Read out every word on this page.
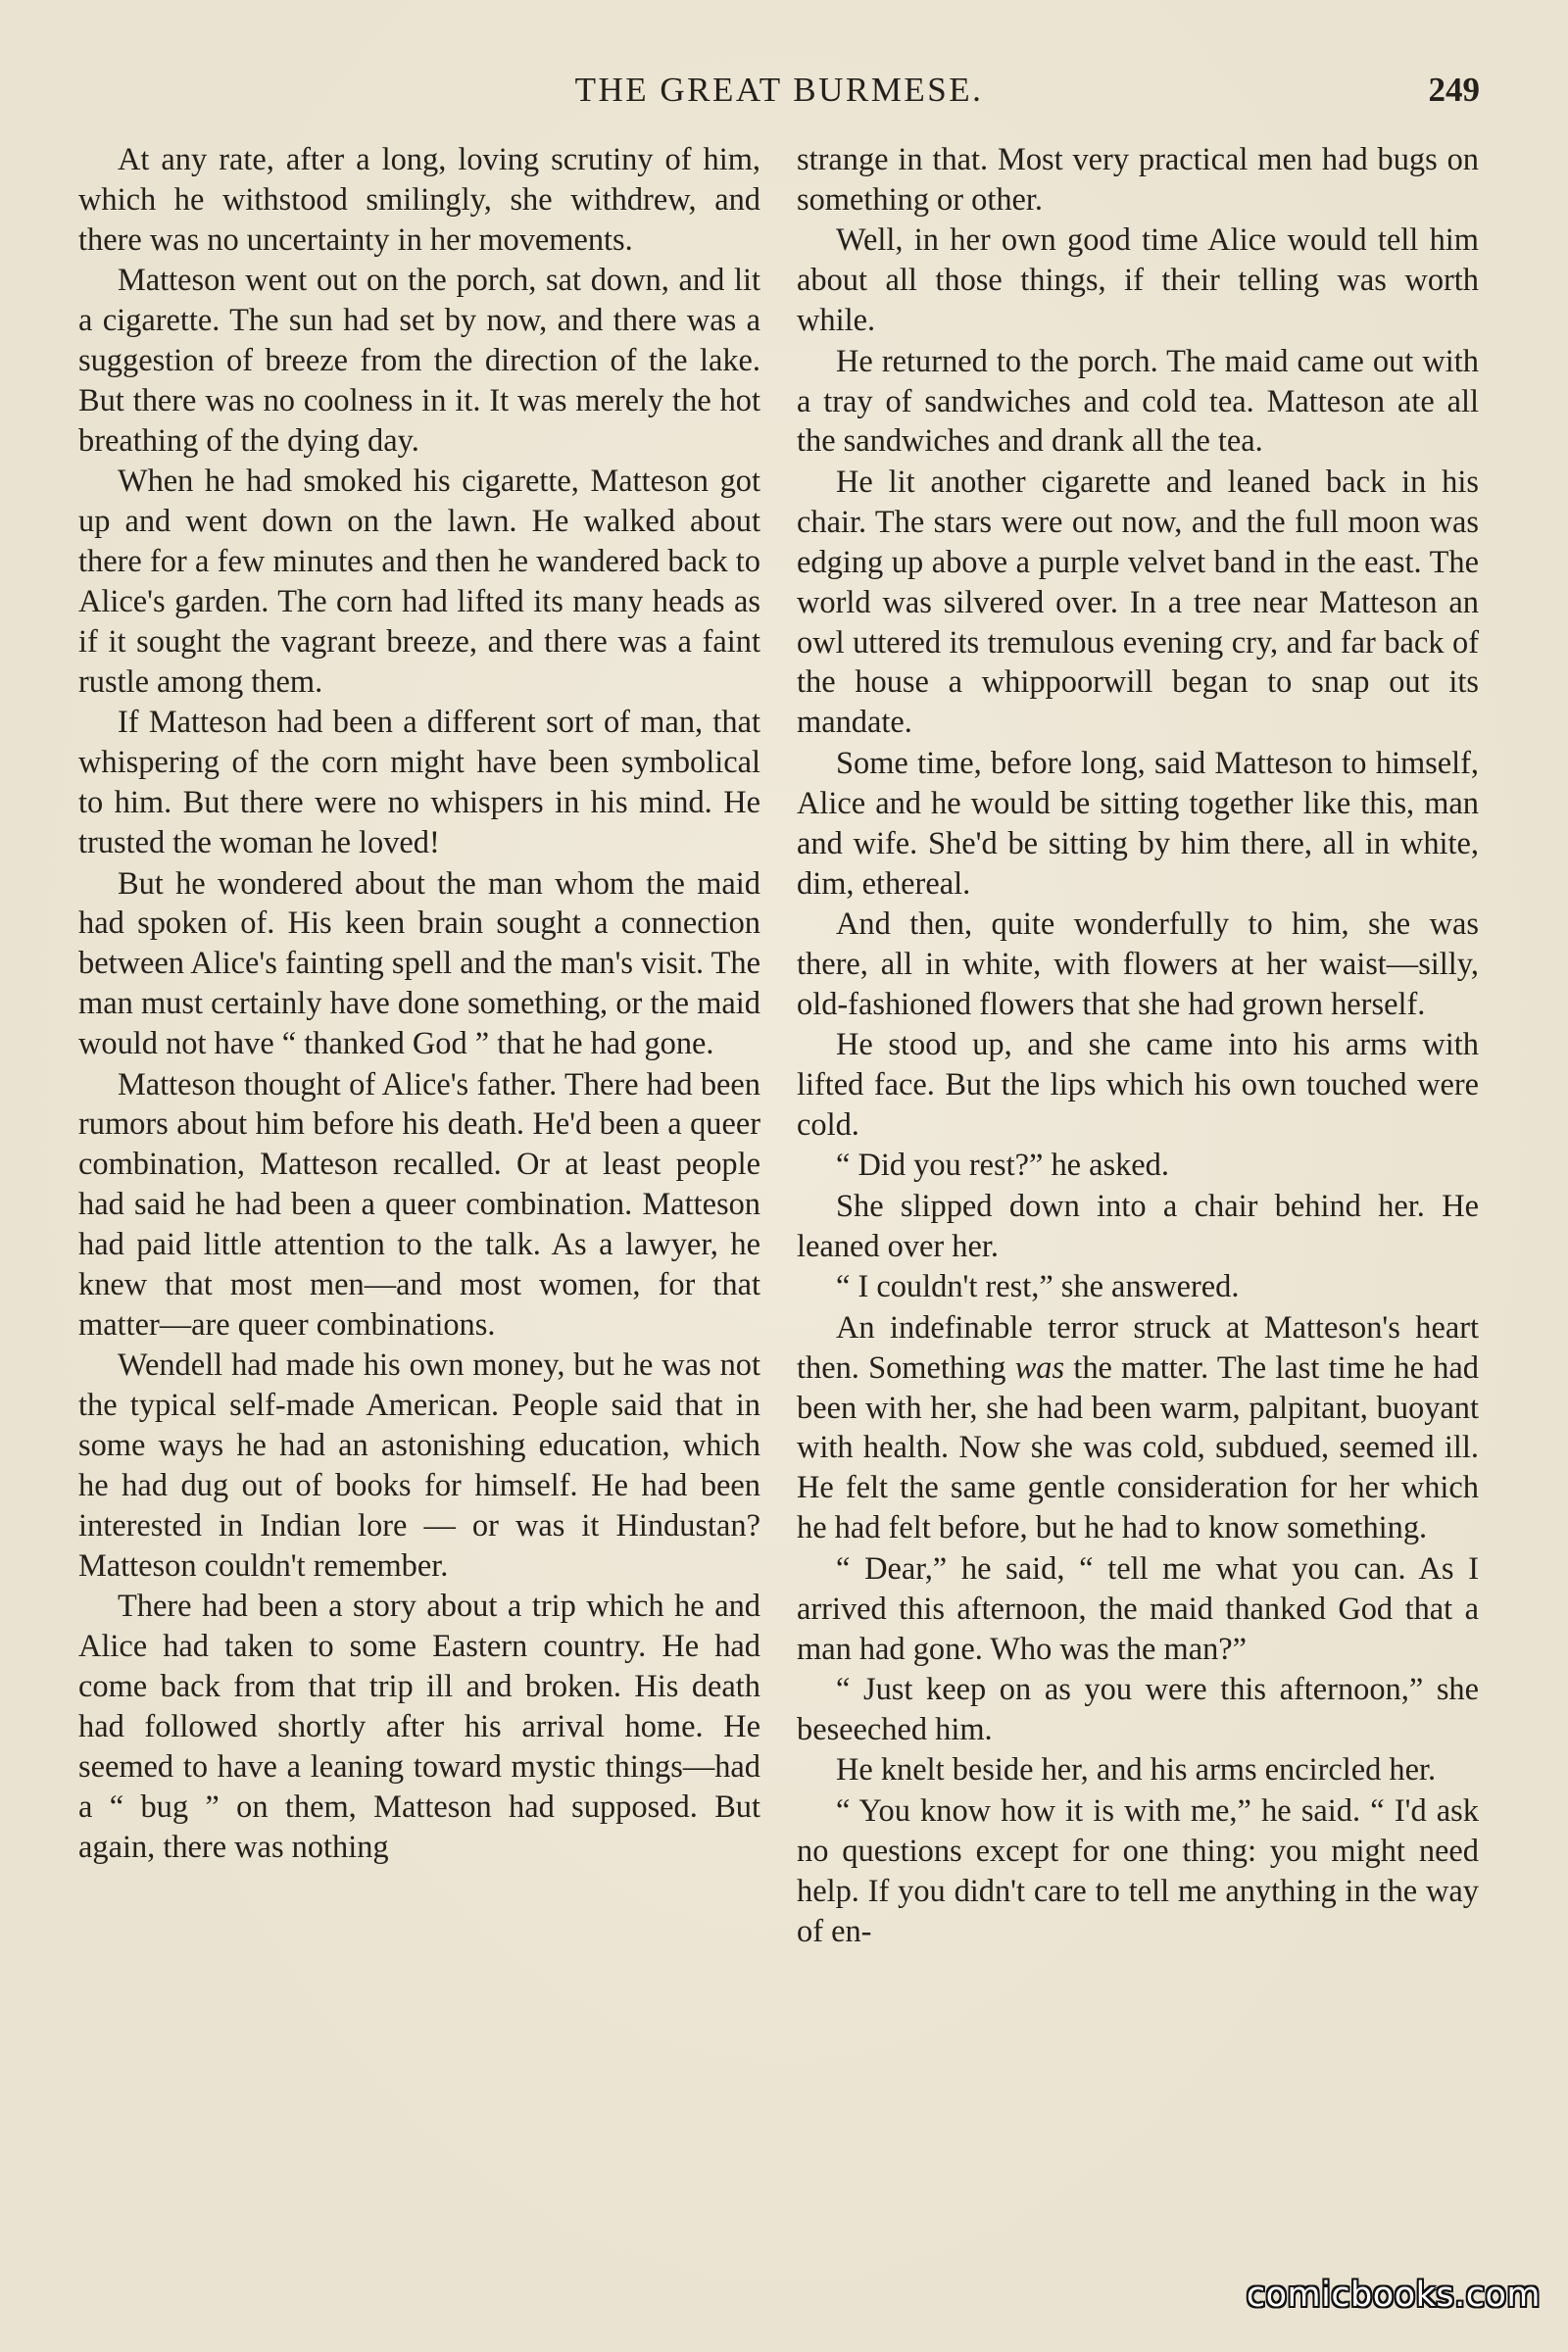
THE GREAT BURMESE.	249

At any rate, after a long, loving scrutiny of him, which he withstood smilingly, she withdrew, and there was no uncertainty in her movements.

Matteson went out on the porch, sat down, and lit a cigarette. The sun had set by now, and there was a suggestion of breeze from the direction of the lake. But there was no coolness in it. It was merely the hot breathing of the dying day.

When he had smoked his cigarette, Matteson got up and went down on the lawn. He walked about there for a few minutes and then he wandered back to Alice's garden. The corn had lifted its many heads as if it sought the vagrant breeze, and there was a faint rustle among them.

If Matteson had been a different sort of man, that whispering of the corn might have been symbolical to him. But there were no whispers in his mind. He trusted the woman he loved!

But he wondered about the man whom the maid had spoken of. His keen brain sought a connection between Alice's fainting spell and the man's visit. The man must certainly have done something, or the maid would not have “ thanked God ” that he had gone.

Matteson thought of Alice's father. There had been rumors about him before his death. He'd been a queer combination, Matteson recalled. Or at least people had said he had been a queer combination. Matteson had paid little attention to the talk. As a lawyer, he knew that most men—and most women, for that matter—are queer combinations.

Wendell had made his own money, but he was not the typical self-made American. People said that in some ways he had an astonishing education, which he had dug out of books for himself. He had been interested in Indian lore — or was it Hindustan? Matteson couldn't remember.

There had been a story about a trip which he and Alice had taken to some Eastern country. He had come back from that trip ill and broken. His death had followed shortly after his arrival home. He seemed to have a leaning toward mystic things—had a “ bug ” on them, Matteson had supposed. But again, there was nothing

strange in that. Most very practical men had bugs on something or other.

Well, in her own good time Alice would tell him about all those things, if their telling was worth while.

He returned to the porch. The maid came out with a tray of sandwiches and cold tea. Matteson ate all the sandwiches and drank all the tea.

He lit another cigarette and leaned back in his chair. The stars were out now, and the full moon was edging up above a purple velvet band in the east. The world was silvered over. In a tree near Matteson an owl uttered its tremulous evening cry, and far back of the house a whippoorwill began to snap out its mandate.

Some time, before long, said Matteson to himself, Alice and he would be sitting together like this, man and wife. She'd be sitting by him there, all in white, dim, ethereal.

And then, quite wonderfully to him, she was there, all in white, with flowers at her waist—silly, old-fashioned flowers that she had grown herself.

He stood up, and she came into his arms with lifted face. But the lips which his own touched were cold.

“ Did you rest?” he asked.

She slipped down into a chair behind her. He leaned over her.

“ I couldn't rest,” she answered.

An indefinable terror struck at Matteson's heart then. Something was the matter. The last time he had been with her, she had been warm, palpitant, buoyant with health. Now she was cold, subdued, seemed ill. He felt the same gentle consideration for her which he had felt before, but he had to know something.

“ Dear,” he said, “ tell me what you can. As I arrived this afternoon, the maid thanked God that a man had gone. Who was the man?”

“ Just keep on as you were this afternoon,” she beseeched him.

He knelt beside her, and his arms encircled her.

“ You know how it is with me,” he said. “ I'd ask no questions except for one thing: you might need help. If you didn't care to tell me anything in the way of en-

comicbooks.com
